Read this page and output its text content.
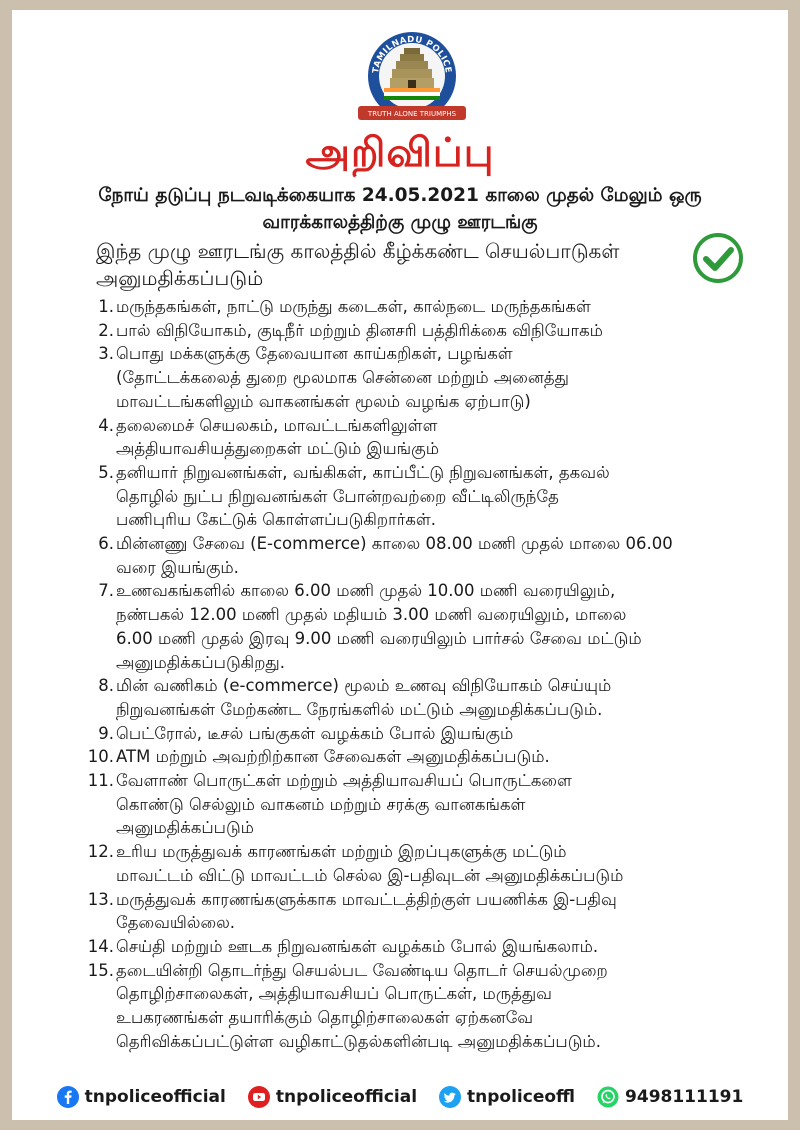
TAMILNADU POLICE
TRUTH ALONE TRIUMPHS
அறிவிப்பு
நோய் தடுப்பு நடவடிக்கையாக 24.05.2021 காலை முதல் மேலும் ஒரு
வாரக்காலத்திற்கு முழு ஊரடங்கு
இந்த முழு ஊரடங்கு காலத்தில் கீழ்க்கண்ட செயல்பாடுகள்
அனுமதிக்கப்படும்
1. மருந்தகங்கள், நாட்டு மருந்து கடைகள், கால்நடை மருந்தகங்கள்
2. பால் விநியோகம், குடிநீர் மற்றும் தினசரி பத்திரிக்கை விநியோகம்
3. பொது மக்களுக்கு தேவையான காய்கறிகள், பழங்கள்
(தோட்டக்கலைத் துறை மூலமாக சென்னை மற்றும் அனைத்து
மாவட்டங்களிலும் வாகனங்கள் மூலம் வழங்க ஏற்பாடு)
4. தலைமைச் செயலகம், மாவட்டங்களிலுள்ள
அத்தியாவசியத்துறைகள் மட்டும் இயங்கும்
5. தனியார் நிறுவனங்கள், வங்கிகள், காப்பீட்டு நிறுவனங்கள், தகவல்
தொழில் நுட்ப நிறுவனங்கள் போன்றவற்றை வீட்டிலிருந்தே
பணிபுரிய கேட்டுக் கொள்ளப்படுகிறார்கள்.
6. மின்னணு சேவை (E-commerce) காலை 08.00 மணி முதல் மாலை 06.00
வரை இயங்கும்.
7. உணவகங்களில் காலை 6.00 மணி முதல் 10.00 மணி வரையிலும்,
நண்பகல் 12.00 மணி முதல் மதியம் 3.00 மணி வரையிலும், மாலை
6.00 மணி முதல் இரவு 9.00 மணி வரையிலும் பார்சல் சேவை மட்டும்
அனுமதிக்கப்படுகிறது.
8. மின் வணிகம் (e-commerce) மூலம் உணவு விநியோகம் செய்யும்
நிறுவனங்கள் மேற்கண்ட நேரங்களில் மட்டும் அனுமதிக்கப்படும்.
9. பெட்ரோல், டீசல் பங்குகள் வழக்கம் போல் இயங்கும்
10. ATM மற்றும் அவற்றிற்கான சேவைகள் அனுமதிக்கப்படும்.
11. வேளாண் பொருட்கள் மற்றும் அத்தியாவசியப் பொருட்களை
கொண்டு செல்லும் வாகனம் மற்றும் சரக்கு வானகங்கள்
அனுமதிக்கப்படும்
12. உரிய மருத்துவக் காரணங்கள் மற்றும் இறப்புகளுக்கு மட்டும்
மாவட்டம் விட்டு மாவட்டம் செல்ல இ-பதிவுடன் அனுமதிக்கப்படும்
13. மருத்துவக் காரணங்களுக்காக மாவட்டத்திற்குள் பயணிக்க இ-பதிவு
தேவையில்லை.
14. செய்தி மற்றும் ஊடக நிறுவனங்கள் வழக்கம் போல் இயங்கலாம்.
15. தடையின்றி தொடர்ந்து செயல்பட வேண்டிய தொடர் செயல்முறை
தொழிற்சாலைகள், அத்தியாவசியப் பொருட்கள், மருத்துவ
உபகரணங்கள் தயாரிக்கும் தொழிற்சாலைகள் ஏற்கனவே
தெரிவிக்கப்பட்டுள்ள வழிகாட்டுதல்களின்படி அனுமதிக்கப்படும்.
tnpoliceofficial	tnpoliceofficial	tnpoliceoffl	9498111191
